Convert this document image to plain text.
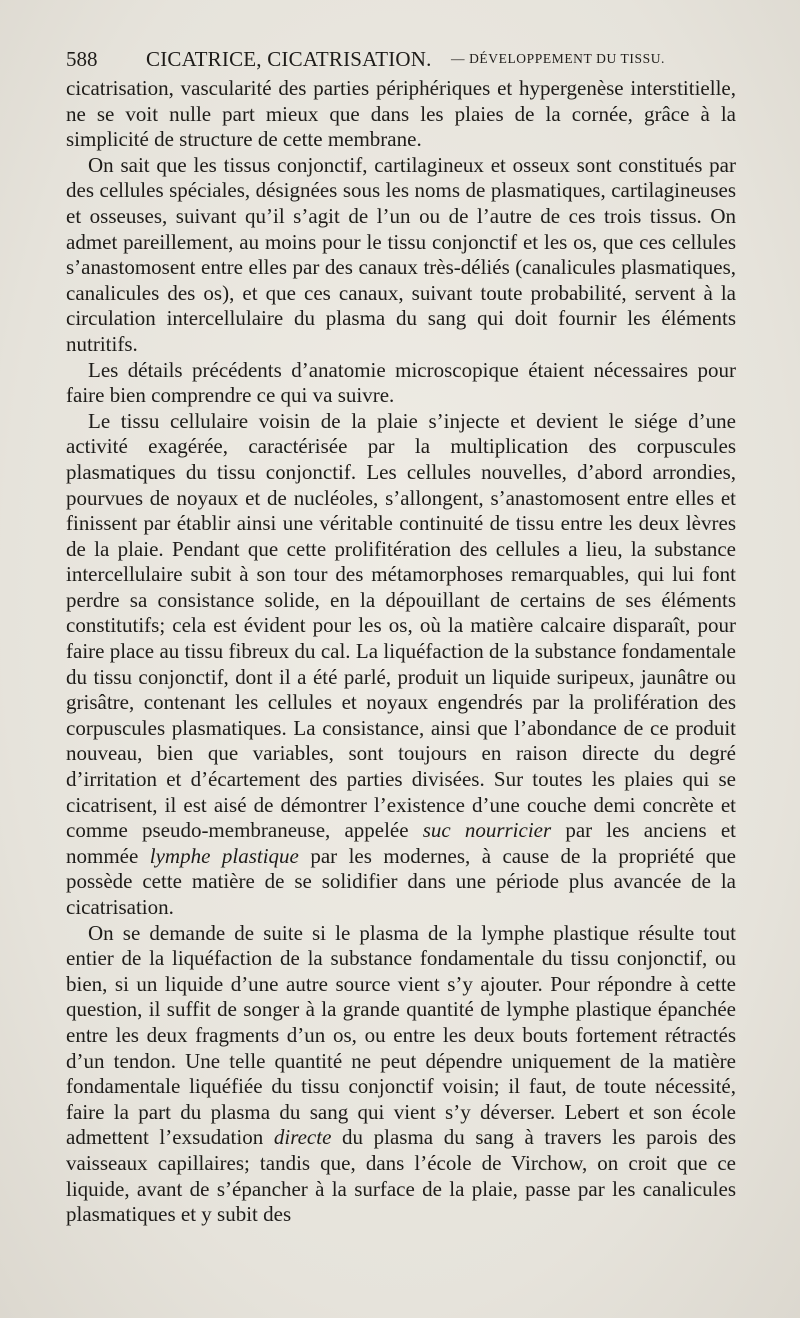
588 CICATRICE, CICATRISATION. — DÉVELOPPEMENT DU TISSU.

cicatrisation, vascularité des parties périphériques et hypergenèse interstitielle, ne se voit nulle part mieux que dans les plaies de la cornée, grâce à la simplicité de structure de cette membrane.

On sait que les tissus conjonctif, cartilagineux et osseux sont constitués par des cellules spéciales, désignées sous les noms de plasmatiques, cartilagineuses et osseuses, suivant qu’il s’agit de l’un ou de l’autre de ces trois tissus. On admet pareillement, au moins pour le tissu conjonctif et les os, que ces cellules s’anastomosent entre elles par des canaux très-déliés (canalicules plasmatiques, canalicules des os), et que ces canaux, suivant toute probabilité, servent à la circulation intercellulaire du plasma du sang qui doit fournir les éléments nutritifs.

Les détails précédents d’anatomie microscopique étaient nécessaires pour faire bien comprendre ce qui va suivre.

Le tissu cellulaire voisin de la plaie s’injecte et devient le siége d’une activité exagérée, caractérisée par la multiplication des corpuscules plasmatiques du tissu conjonctif. Les cellules nouvelles, d’abord arrondies, pourvues de noyaux et de nucléoles, s’allongent, s’anastomosent entre elles et finissent par établir ainsi une véritable continuité de tissu entre les deux lèvres de la plaie. Pendant que cette prolifitération des cellules a lieu, la substance intercellulaire subit à son tour des métamorphoses remarquables, qui lui font perdre sa consistance solide, en la dépouillant de certains de ses éléments constitutifs; cela est évident pour les os, où la matière calcaire disparaît, pour faire place au tissu fibreux du cal. La liquéfaction de la substance fondamentale du tissu conjonctif, dont il a été parlé, produit un liquide suripeux, jaunâtre ou grisâtre, contenant les cellules et noyaux engendrés par la prolifération des corpuscules plasmatiques. La consistance, ainsi que l’abondance de ce produit nouveau, bien que variables, sont toujours en raison directe du degré d’irritation et d’écartement des parties divisées. Sur toutes les plaies qui se cicatrisent, il est aisé de démontrer l’existence d’une couche demi concrète et comme pseudo-membraneuse, appelée suc nourricier par les anciens et nommée lymphe plastique par les modernes, à cause de la propriété que possède cette matière de se solidifier dans une période plus avancée de la cicatrisation.

On se demande de suite si le plasma de la lymphe plastique résulte tout entier de la liquéfaction de la substance fondamentale du tissu conjonctif, ou bien, si un liquide d’une autre source vient s’y ajouter. Pour répondre à cette question, il suffit de songer à la grande quantité de lymphe plastique épanchée entre les deux fragments d’un os, ou entre les deux bouts fortement rétractés d’un tendon. Une telle quantité ne peut dépendre uniquement de la matière fondamentale liquéfiée du tissu conjonctif voisin; il faut, de toute nécessité, faire la part du plasma du sang qui vient s’y déverser. Lebert et son école admettent l’exsudation directe du plasma du sang à travers les parois des vaisseaux capillaires; tandis que, dans l’école de Virchow, on croit que ce liquide, avant de s’épancher à la surface de la plaie, passe par les canalicules plasmatiques et y subit des
